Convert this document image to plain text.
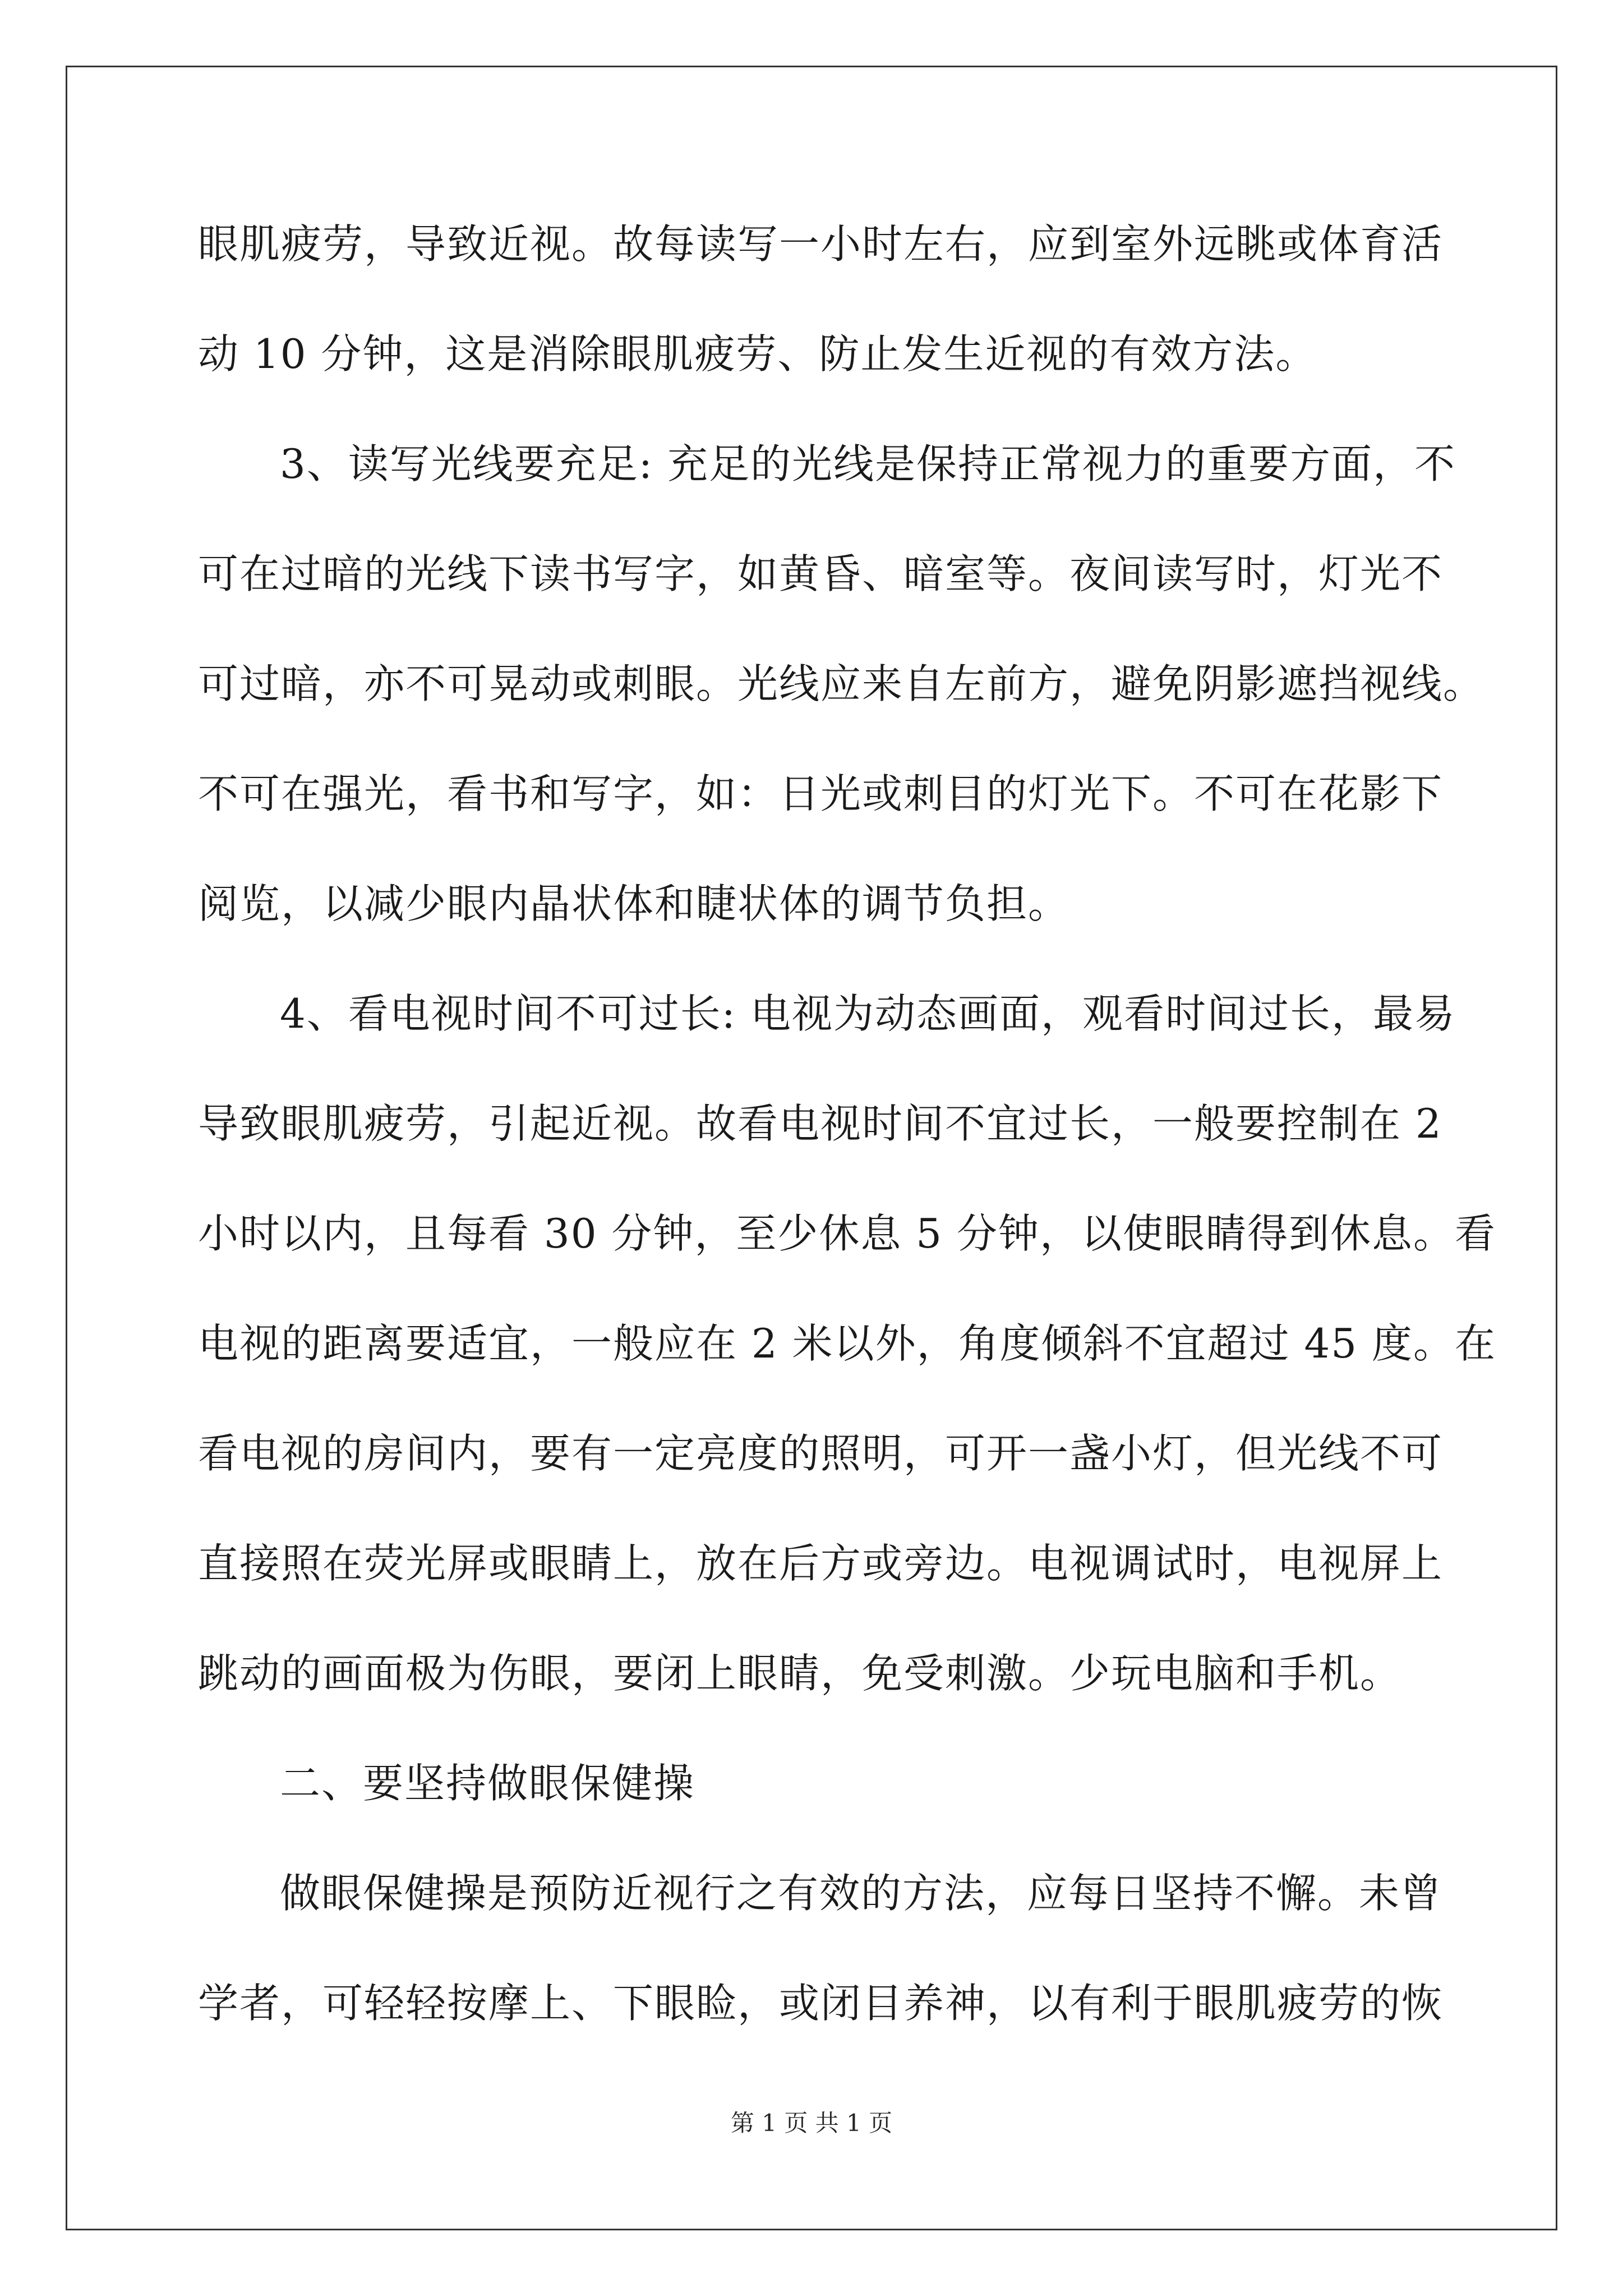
眼肌疲劳，导致近视。故每读写一小时左右，应到室外远眺或体育活
动 10 分钟，这是消除眼肌疲劳、防止发生近视的有效方法。
3、读写光线要充足: 充足的光线是保持正常视力的重要方面，不
可在过暗的光线下读书写字，如黄昏、暗室等。夜间读写时，灯光不
可过暗，亦不可晃动或刺眼。光线应来自左前方，避免阴影遮挡视线。
不可在强光，看书和写字，如：日光或刺目的灯光下。不可在花影下
阅览，以减少眼内晶状体和睫状体的调节负担。
4、看电视时间不可过长: 电视为动态画面，观看时间过长，最易
导致眼肌疲劳，引起近视。故看电视时间不宜过长，一般要控制在 2
小时以内，且每看 30 分钟，至少休息 5 分钟，以使眼睛得到休息。看
电视的距离要适宜，一般应在 2 米以外，角度倾斜不宜超过 45 度。在
看电视的房间内，要有一定亮度的照明，可开一盏小灯，但光线不可
直接照在荧光屏或眼睛上，放在后方或旁边。电视调试时，电视屏上
跳动的画面极为伤眼，要闭上眼睛，免受刺激。少玩电脑和手机。
二、要坚持做眼保健操
做眼保健操是预防近视行之有效的方法，应每日坚持不懈。未曾
学者，可轻轻按摩上、下眼睑，或闭目养神，以有利于眼肌疲劳的恢
第 1 页 共 1 页
